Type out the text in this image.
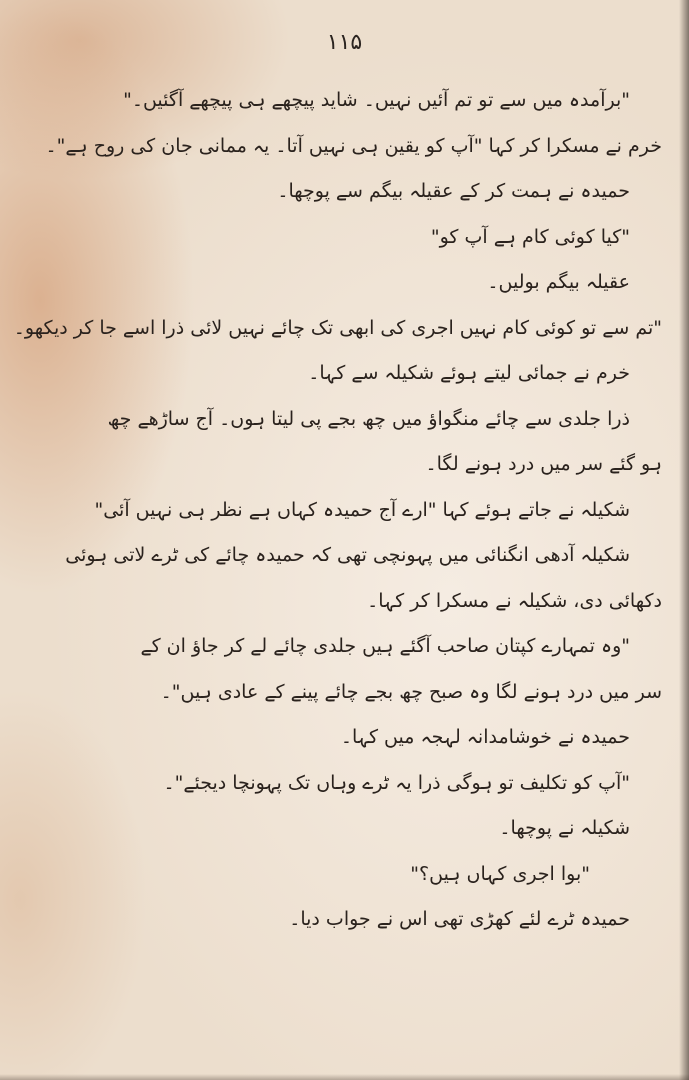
۱۱۵
"برآمدہ میں سے تو تم آئیں نہیں۔ شاید پیچھے ہی پیچھے آگئیں۔"
خرم نے مسکرا کر کہا "آپ کو یقین ہی نہیں آتا۔ یہ ممانی جان کی روح ہے"۔
حمیدہ نے ہمت کر کے عقیلہ بیگم سے پوچھا۔
"کیا کوئی کام ہے آپ کو"
عقیلہ بیگم بولیں۔
"تم سے تو کوئی کام نہیں اجری کی ابھی تک چائے نہیں لائی ذرا اسے جا کر دیکھو۔
خرم نے جمائی لیتے ہوئے شکیلہ سے کہا۔
ذرا جلدی سے چائے منگواؤ میں چھ بجے پی لیتا ہوں۔ آج ساڑھے چھ
ہو گئے سر میں درد ہونے لگا۔
شکیلہ نے جاتے ہوئے کہا "ارے آج حمیدہ کہاں ہے نظر ہی نہیں آئی"
شکیلہ آدھی انگنائی میں پہونچی تھی کہ حمیدہ چائے کی ٹرے لاتی ہوئی
دکھائی دی، شکیلہ نے مسکرا کر کہا۔
"وہ تمہارے کپتان صاحب آگئے ہیں جلدی چائے لے کر جاؤ ان کے
سر میں درد ہونے لگا وہ صبح چھ بجے چائے پینے کے عادی ہیں"۔
حمیدہ نے خوشامدانہ لہجہ میں کہا۔
"آپ کو تکلیف تو ہوگی ذرا یہ ٹرے وہاں تک پہونچا دیجئے"۔
شکیلہ نے پوچھا۔
"بوا اجری کہاں ہیں؟"
حمیدہ ٹرے لئے کھڑی تھی اس نے جواب دیا۔
